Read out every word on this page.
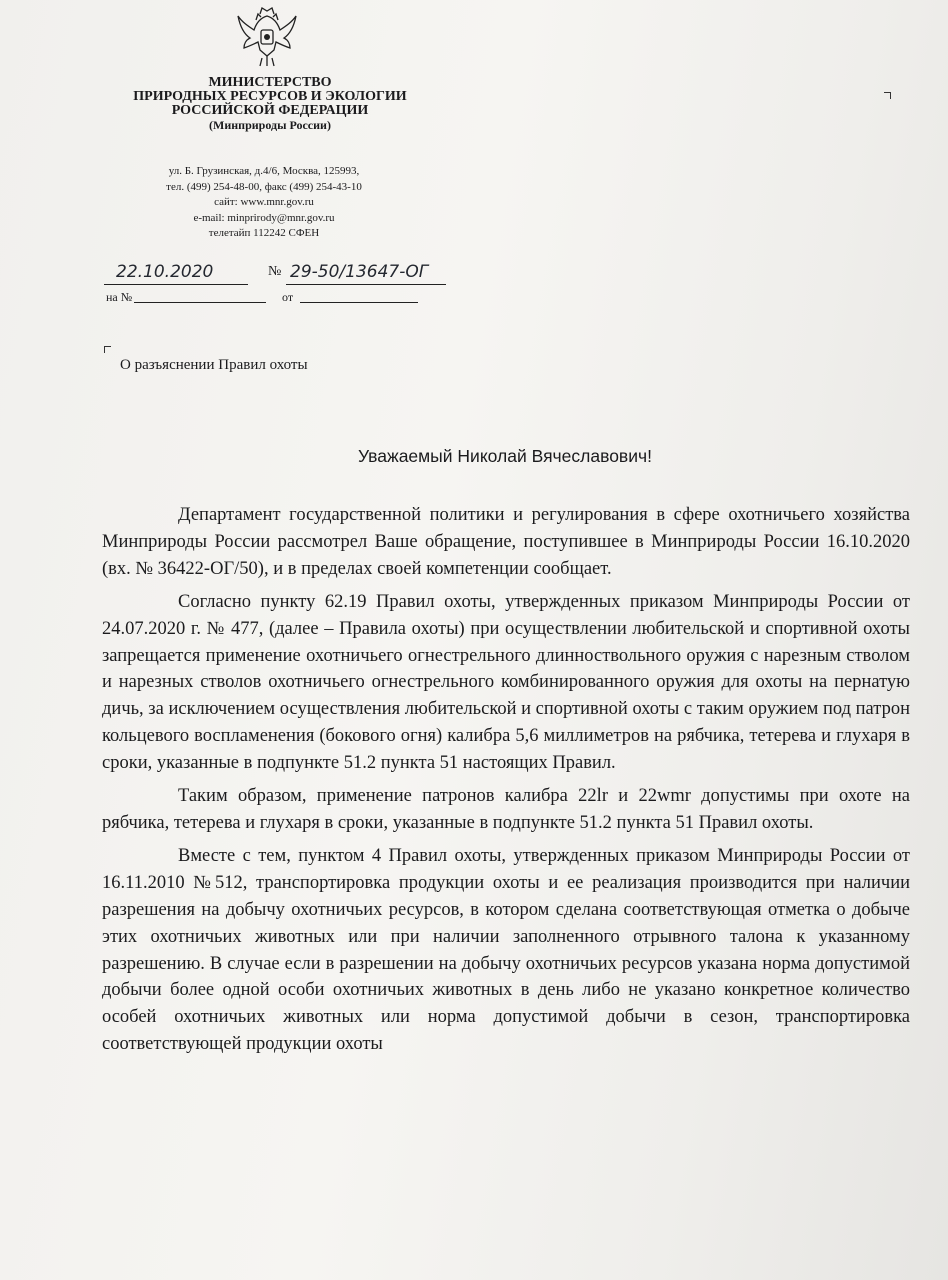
МИНИСТЕРСТВО
ПРИРОДНЫХ РЕСУРСОВ И ЭКОЛОГИИ
РОССИЙСКОЙ ФЕДЕРАЦИИ
(Минприроды России)
ул. Б. Грузинская, д.4/6, Москва, 125993,
тел. (499) 254-48-00, факс (499) 254-43-10
сайт: www.mnr.gov.ru
e-mail: minprirody@mnr.gov.ru
телетайп 112242 СФЕН
22.10.2020	№ 29-50/13647-ОГ
на №	от
О разъяснении Правил охоты
Уважаемый Николай Вячеславович!

Департамент государственной политики и регулирования в сфере охотничьего хозяйства Минприроды России рассмотрел Ваше обращение, поступившее в Минприроды России 16.10.2020 (вх. № 36422-ОГ/50), и в пределах своей компетенции сообщает.

Согласно пункту 62.19 Правил охоты, утвержденных приказом Минприроды России от 24.07.2020 г. № 477, (далее – Правила охоты) при осуществлении любительской и спортивной охоты запрещается применение охотничьего огнестрельного длинноствольного оружия с нарезным стволом и нарезных стволов охотничьего огнестрельного комбинированного оружия для охоты на пернатую дичь, за исключением осуществления любительской и спортивной охоты с таким оружием под патрон кольцевого воспламенения (бокового огня) калибра 5,6 миллиметров на рябчика, тетерева и глухаря в сроки, указанные в подпункте 51.2 пункта 51 настоящих Правил.

Таким образом, применение патронов калибра 22lr и 22wmr допустимы при охоте на рябчика, тетерева и глухаря в сроки, указанные в подпункте 51.2 пункта 51 Правил охоты.

Вместе с тем, пунктом 4 Правил охоты, утвержденных приказом Минприроды России от 16.11.2010 №512, транспортировка продукции охоты и ее реализация производится при наличии разрешения на добычу охотничьих ресурсов, в котором сделана соответствующая отметка о добыче этих охотничьих животных или при наличии заполненного отрывного талона к указанному разрешению. В случае если в разрешении на добычу охотничьих ресурсов указана норма допустимой добычи более одной особи охотничьих животных в день либо не указано конкретное количество особей охотничьих животных или норма допустимой добычи в сезон, транспортировка соответствующей продукции охоты
